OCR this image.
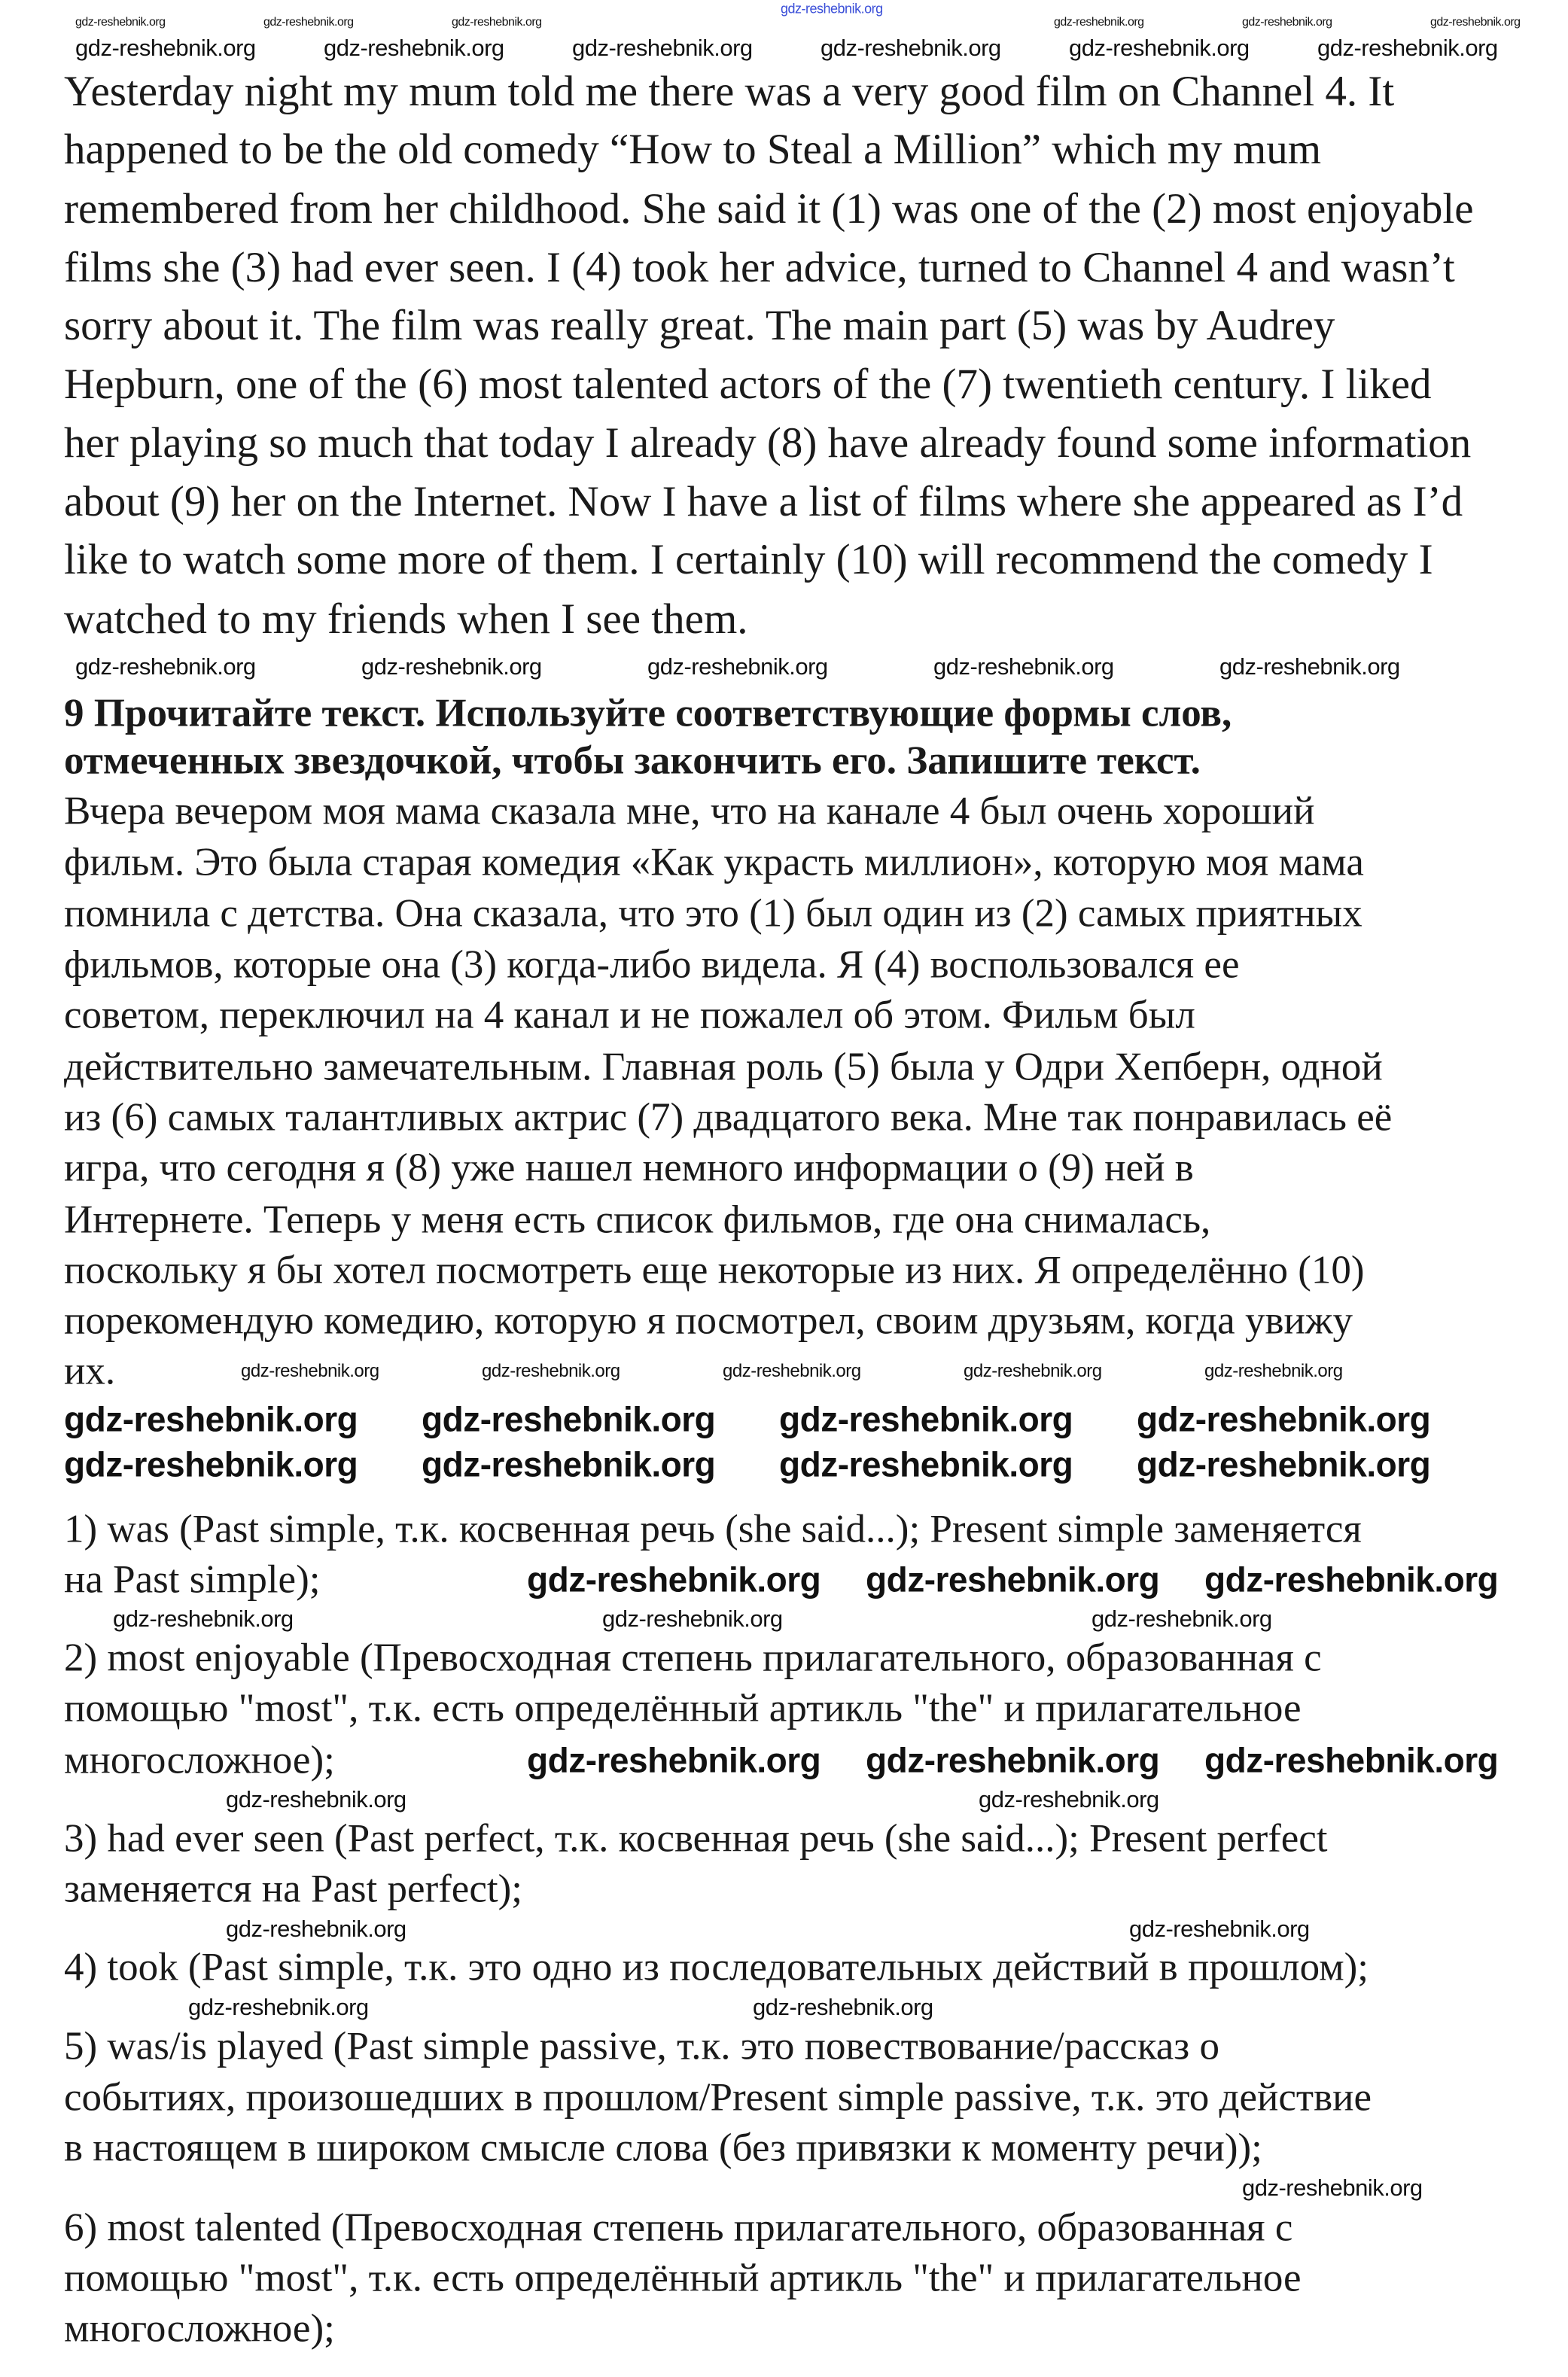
Yesterday night my mum told me there was a very good film on Channel 4. It
happened to be the old comedy “How to Steal a Million” which my mum
remembered from her childhood. She said it (1) was one of the (2) most enjoyable
films she (3) had ever seen. I (4) took her advice, turned to Channel 4 and wasn’t
sorry about it. The film was really great. The main part (5) was by Audrey
Hepburn, one of the (6) most talented actors of the (7) twentieth century. I liked
her playing so much that today I already (8) have already found some information
about (9) her on the Internet. Now I have a list of films where she appeared as I’d
like to watch some more of them. I certainly (10) will recommend the comedy I
watched to my friends when I see them.
9 Прочитайте текст. Используйте соответствующие формы слов,
отмеченных звездочкой, чтобы закончить его. Запишите текст.
Вчера вечером моя мама сказала мне, что на канале 4 был очень хороший
фильм. Это была старая комедия «Как украсть миллион», которую моя мама
помнила с детства. Она сказала, что это (1) был один из (2) самых приятных
фильмов, которые она (3) когда-либо видела. Я (4) воспользовался ее
советом, переключил на 4 канал и не пожалел об этом. Фильм был
действительно замечательным. Главная роль (5) была у Одри Хепберн, одной
из (6) самых талантливых актрис (7) двадцатого века. Мне так понравилась её
игра, что сегодня я (8) уже нашел немного информации о (9) ней в
Интернете. Теперь у меня есть список фильмов, где она снималась,
поскольку я бы хотел посмотреть еще некоторые из них. Я определённо (10)
порекомендую комедию, которую я посмотрел, своим друзьям, когда увижу
их.
1) was (Past simple, т.к. косвенная речь (she said...); Present simple заменяется
на Past simple);
2) most enjoyable (Превосходная степень прилагательного, образованная с
помощью "most", т.к. есть определённый артикль "the" и прилагательное
многосложное);
3) had ever seen (Past perfect, т.к. косвенная речь (she said...); Present perfect
заменяется на Past perfect);
4) took (Past simple, т.к. это одно из последовательных действий в прошлом);
5) was/is played (Past simple passive, т.к. это повествование/рассказ о
событиях, произошедших в прошлом/Present simple passive, т.к. это действие
в настоящем в широком смысле слова (без привязки к моменту речи));
6) most talented (Превосходная степень прилагательного, образованная с
помощью "most", т.к. есть определённый артикль "the" и прилагательное
многосложное);
gdz-reshebnik.org
gdz-reshebnik.org	gdz-reshebnik.org	gdz-reshebnik.org	gdz-reshebnik.org	gdz-reshebnik.org	gdz-reshebnik.org
gdz-reshebnik.org	gdz-reshebnik.org	gdz-reshebnik.org	gdz-reshebnik.org	gdz-reshebnik.org	gdz-reshebnik.org
gdz-reshebnik.org	gdz-reshebnik.org	gdz-reshebnik.org	gdz-reshebnik.org	gdz-reshebnik.org
gdz-reshebnik.org	gdz-reshebnik.org	gdz-reshebnik.org	gdz-reshebnik.org	gdz-reshebnik.org
gdz-reshebnik.org gdz-reshebnik.org gdz-reshebnik.org gdz-reshebnik.org
gdz-reshebnik.org gdz-reshebnik.org gdz-reshebnik.org gdz-reshebnik.org
gdz-reshebnik.org gdz-reshebnik.org gdz-reshebnik.org
gdz-reshebnik.org	gdz-reshebnik.org	gdz-reshebnik.org
gdz-reshebnik.org gdz-reshebnik.org gdz-reshebnik.org
gdz-reshebnik.org	gdz-reshebnik.org
gdz-reshebnik.org	gdz-reshebnik.org
gdz-reshebnik.org	gdz-reshebnik.org
gdz-reshebnik.org
